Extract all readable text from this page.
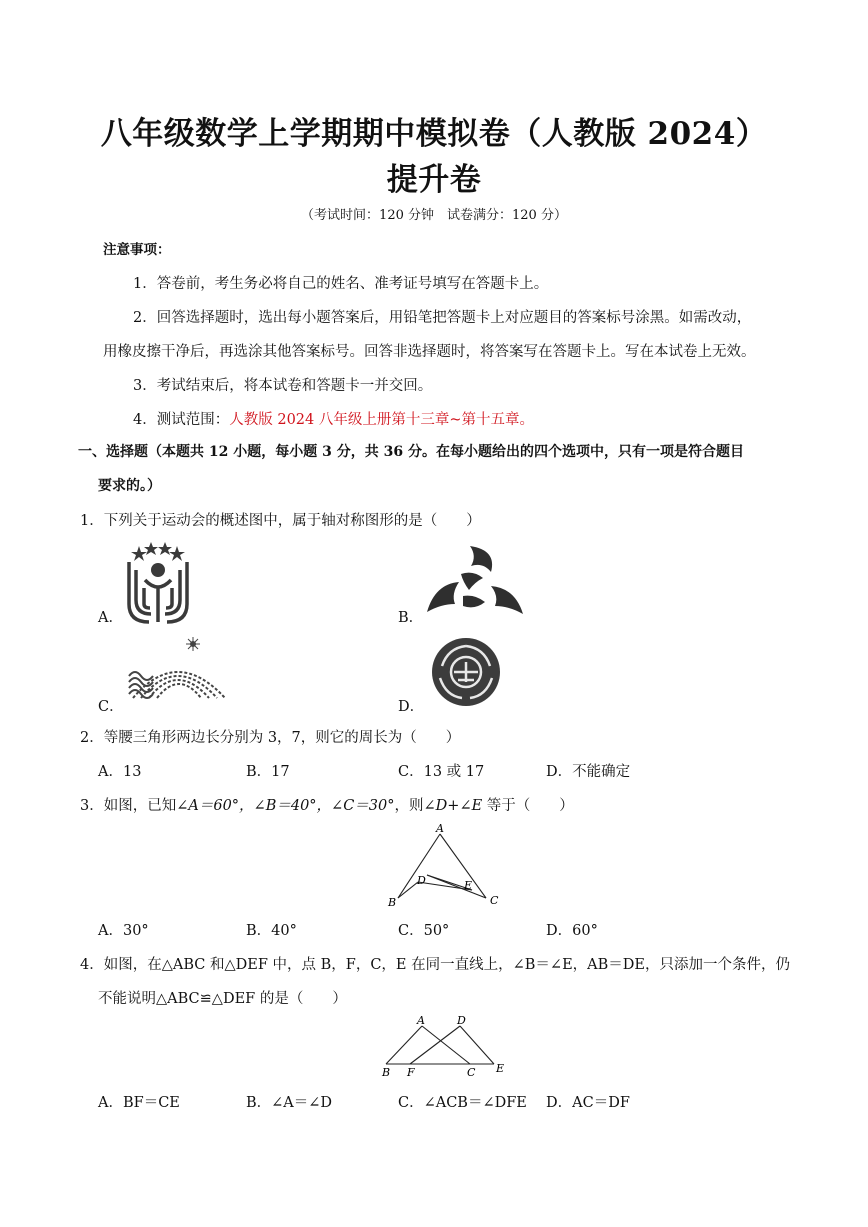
八年级数学上学期期中模拟卷（人教版 2024）
提升卷
（考试时间：120 分钟　试卷满分：120 分）
注意事项：
1．答卷前，考生务必将自己的姓名、准考证号填写在答题卡上。
2．回答选择题时，选出每小题答案后，用铅笔把答题卡上对应题目的答案标号涂黑。如需改动，
用橡皮擦干净后，再选涂其他答案标号。回答非选择题时，将答案写在答题卡上。写在本试卷上无效。
3．考试结束后，将本试卷和答题卡一并交回。
4．测试范围：人教版 2024 八年级上册第十三章~第十五章。
一、选择题（本题共 12 小题，每小题 3 分，共 36 分。在每小题给出的四个选项中，只有一项是符合题目
要求的。）
1．下列关于运动会的概述图中，属于轴对称图形的是（　　）
A．	B．
C．	D．
2．等腰三角形两边长分别为 3，7，则它的周长为（　　）
A．13	B．17	C．13 或 17	D．不能确定
3．如图，已知∠A＝60°，∠B＝40°，∠C＝30°，则∠D+∠E 等于（　　）
A
B	C
D	E
A．30°	B．40°	C．50°	D．60°
4．如图，在△ABC 和△DEF 中，点 B，F，C，E 在同一直线上，∠B＝∠E，AB＝DE，只添加一个条件，仍
不能说明△ABC≌△DEF 的是（　　）
A	D
B F	C E
A．BF＝CE	B．∠A＝∠D	C．∠ACB＝∠DFE D．AC＝DF
